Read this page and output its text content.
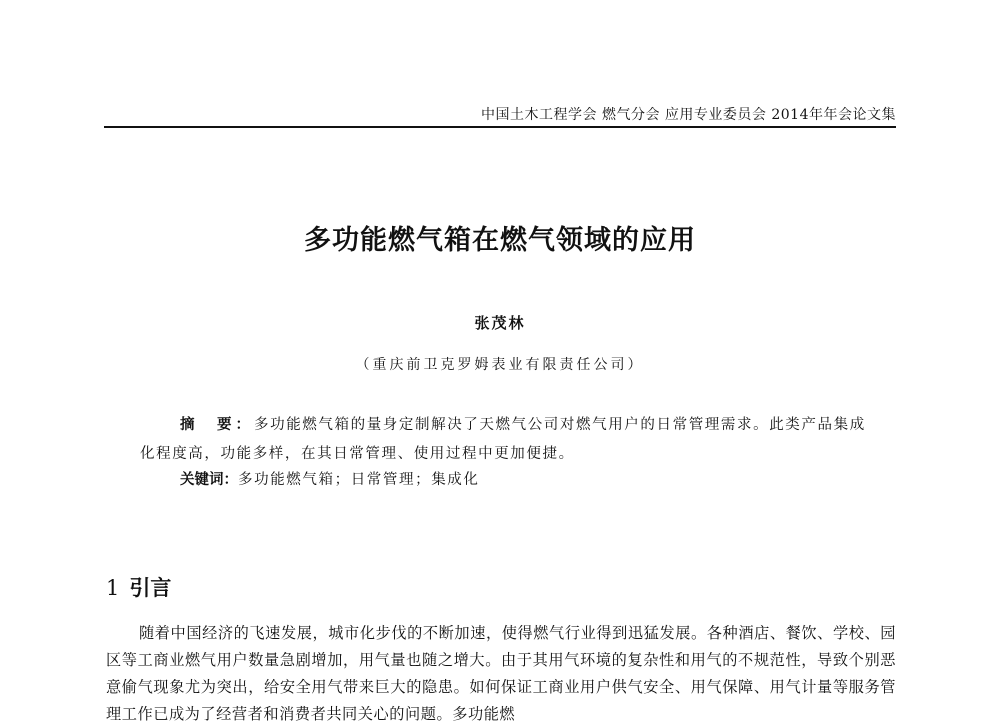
中国土木工程学会 燃气分会 应用专业委员会 2014年年会论文集
多功能燃气箱在燃气领域的应用
张茂林
（重庆前卫克罗姆表业有限责任公司）
摘　要：多功能燃气箱的量身定制解决了天燃气公司对燃气用户的日常管理需求。此类产品集成化程度高，功能多样，在其日常管理、使用过程中更加便捷。
关键词：多功能燃气箱；日常管理；集成化
1 引言
随着中国经济的飞速发展，城市化步伐的不断加速，使得燃气行业得到迅猛发展。各种酒店、餐饮、学校、园区等工商业燃气用户数量急剧增加，用气量也随之增大。由于其用气环境的复杂性和用气的不规范性，导致个别恶意偷气现象尤为突出，给安全用气带来巨大的隐患。如何保证工商业用户供气安全、用气保障、用气计量等服务管理工作已成为了经营者和消费者共同关心的问题。多功能燃
